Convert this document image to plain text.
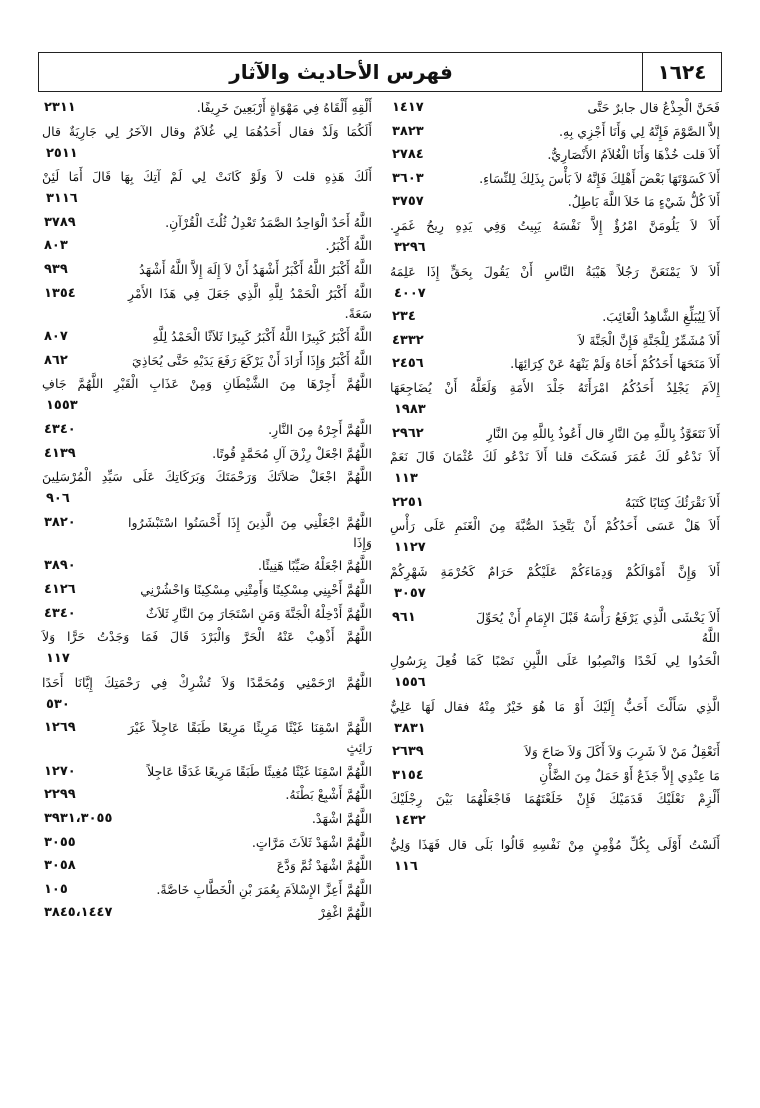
١٦٢٤
فهرس الأحاديث والآثار
فَحَنَّ الْجِذْعُ قال جابرٌ حَتَّى
١٤١٧
إلاَّ الصَّوْمَ فَإِنَّهُ لِي وَأَنَا أَجْزِي بِهِ.
٣٨٢٣
أَلاَ قلت خُذْهَا وَأَنَا الْغُلاَمُ الأَنْصَارِيُّ.
٢٧٨٤
أَلاَ كَسَوْتَهَا بَعْضَ أَهْلِكَ فَإِنَّهُ لاَ بَأْسَ بِذَلِكَ لِلنِّسَاءِ.
٣٦٠٣
أَلاَ كُلُّ شَيْءٍ مَا خَلاَ اللَّهَ بَاطِلُ.
٣٧٥٧
أَلاَ لاَ يَلُومَنَّ امْرُؤٌ إِلاَّ نَفْسَهُ يَبِيتُ وَفِي يَدِهِ رِيحُ غَمَرٍ.
٣٢٩٦
أَلاَ لاَ يَمْنَعَنَّ رَجُلاً هَيْبَةُ النَّاسِ أَنْ يَقُولَ بِحَقٍّ إِذَا عَلِمَهُ
٤٠٠٧
أَلاَ لِيُبَلِّغِ الشَّاهِدُ الْغَائِبَ.
٢٣٤
أَلاَ مُشَمِّرٌ لِلْجَنَّةِ فَإِنَّ الْجَنَّةَ لاَ
٤٣٣٢
أَلاَ مَنَحَهَا أَحَدُكُمْ أَخَاهُ وَلَمْ يَنْهَهُ عَنْ كِرَائِهَا.
٢٤٥٦
إِلاَمَ يَجْلِدُ أَحَدُكُمُ امْرَأَتَهُ جَلْدَ الأَمَةِ وَلَعَلَّهُ أَنْ يُضَاجِعَهَا
١٩٨٣
أَلاَ نَتَعَوَّذُ بِاللَّهِ مِنَ النَّارِ قال أَعُوذُ بِاللَّهِ مِنَ النَّارِ
٢٩٦٢
أَلاَ نَدْعُو لَكَ عُمَرَ فَسَكَتَ قلنا أَلاَ نَدْعُو لَكَ عُثْمَانَ قَالَ نَعَمْ
١١٣
أَلاَ نَقْرَئُكَ كِتَابًا كَتَبَهُ
٢٢٥١
أَلاَ هَلْ عَسَى أَحَدُكُمْ أَنْ يَتَّخِذَ الصُّبَّةَ مِنَ الْغَنَمِ عَلَى رَأْسِ
١١٢٧
أَلاَ وَإِنَّ أَمْوَالَكُمْ وَدِمَاءَكُمْ عَلَيْكُمْ حَرَامٌ كَحُرْمَةِ شَهْرِكُمْ
٣٠٥٧
أَلاَ يَخْشَى الَّذِي يَرْفَعُ رَأْسَهُ قَبْلَ الإِمَامِ أَنْ يُحَوِّلَ اللَّهُ
٩٦١
الْحَدُوا لِي لَحْدًا وَانْصِبُوا عَلَى اللَّبِنِ نَصْبًا كَمَا فُعِلَ بِرَسُولِ
١٥٥٦
الَّذِي سَأَلْتَ أَحَبُّ إِلَيْكَ أَوْ مَا هُوَ خَيْرٌ مِنْهُ فقال لَهَا عَلِيٌّ
٣٨٣١
أَنَعْقِلُ مَنْ لاَ شَرِبَ وَلاَ أَكَلَ وَلاَ صَاحَ وَلاَ
٢٦٣٩
مَا عِنْدِي إِلاَّ جَذَعٌ أَوْ حَمَلٌ مِنَ الضَّأْنِ
٣١٥٤
أَلْزِمْ نَعْلَيْكَ قَدَمَيْكَ فَإِنْ خَلَعْتَهُمَا فَاجْعَلْهُمَا بَيْنَ رِجْلَيْكَ
١٤٣٢
أَلَسْتُ أَوْلَى بِكُلِّ مُؤْمِنٍ مِنْ نَفْسِهِ قَالُوا بَلَى قال فَهَذَا وَلِيُّ
١١٦
أَلْقِهِ أَلْقَاهُ فِي مَهْوَاةٍ أَرْبَعِينَ خَرِيفًا.
٢٣١١
أَلَكُمَا وَلَدٌ فقال أَحَدُهُمَا لِي غُلاَمٌ وقال الآخَرُ لِي جَارِيَةٌ قال
٢٥١١
أَلَكَ هَذِهِ قلت لاَ وَلَوْ كَانَتْ لِي لَمْ آتِكَ بِهَا قَالَ أَمَا لَئِنْ
٣١١٦
اللَّهُ أَحَدٌ الْوَاحِدُ الصَّمَدُ تَعْدِلُ ثُلُثَ الْقُرْآنِ.
٣٧٨٩
اللَّهُ أَكْبَرُ.
٨٠٣
اللَّهُ أَكْبَرُ اللَّهُ أَكْبَرُ أَشْهَدُ أَنْ لاَ إِلَهَ إِلاَّ اللَّهُ أَشْهَدُ
٩٣٩
اللَّهُ أَكْبَرُ الْحَمْدُ لِلَّهِ الَّذِي جَعَلَ فِي هَذَا الأَمْرِ سَعَةً.
١٣٥٤
اللَّهُ أَكْبَرُ كَبِيرًا اللَّهُ أَكْبَرُ كَبِيرًا ثَلاَثًا الْحَمْدُ لِلَّهِ
٨٠٧
اللَّهُ أَكْبَرُ وَإِذَا أَرَادَ أَنْ يَرْكَعَ رَفَعَ يَدَيْهِ حَتَّى يُحَاذِيَ
٨٦٢
اللَّهُمَّ أَجِرْهَا مِنَ الشَّيْطَانِ وَمِنْ عَذَابِ الْقَبْرِ اللَّهُمَّ جَافِ
١٥٥٣
اللَّهُمَّ أَجِرْهُ مِنَ النَّارِ.
٤٣٤٠
اللَّهُمَّ اجْعَلْ رِزْقَ آلِ مُحَمَّدٍ قُوتًا.
٤١٣٩
اللَّهُمَّ اجْعَلْ صَلاَتَكَ وَرَحْمَتَكَ وَبَرَكَاتِكَ عَلَى سَيِّدِ الْمُرْسَلِينَ
٩٠٦
اللَّهُمَّ اجْعَلْنِي مِنَ الَّذِينَ إِذَا أَحْسَنُوا اسْتَبْشَرُوا وَإِذَا
٣٨٢٠
اللَّهُمَّ اجْعَلْهُ صَيِّبًا هَنِيئًا.
٣٨٩٠
اللَّهُمَّ أَحْيِنِي مِسْكِينًا وَأَمِتْنِي مِسْكِينًا وَاحْشُرْنِي
٤١٢٦
اللَّهُمَّ أَدْخِلْهُ الْجَنَّةَ وَمَنِ اسْتَجَارَ مِنَ النَّارِ ثَلاَثٌ
٤٣٤٠
اللَّهُمَّ أَذْهِبْ عَنْهُ الْحَرَّ وَالْبَرْدَ قَالَ فَمَا وَجَدْتُ حَرًّا وَلاَ
١١٧
اللَّهُمَّ ارْحَمْنِي وَمُحَمَّدًا وَلاَ تُشْرِكْ فِي رَحْمَتِكَ إِيَّانَا أَحَدًا
٥٣٠
اللَّهُمَّ اسْقِنَا غَيْثًا مَرِيئًا مَرِيعًا طَبَقًا عَاجِلاً غَيْرَ رَائِثٍ
١٢٦٩
اللَّهُمَّ اسْقِنَا غَيْثًا مُغِيثًا طَبَقًا مَرِيعًا غَدَقًا عَاجِلاً
١٢٧٠
اللَّهُمَّ أَشْبِعْ بَطْنَهُ.
٢٢٩٩
اللَّهُمَّ اشْهَدْ.
٣٩٣١،٣٠٥٥
اللَّهُمَّ اشْهَدْ ثَلاَثَ مَرَّاتٍ.
٣٠٥٥
اللَّهُمَّ اشْهَدْ ثُمَّ وَدَّعَ
٣٠٥٨
اللَّهُمَّ أَعِزَّ الإِسْلاَمَ بِعُمَرَ بْنِ الْخَطَّابِ خَاصَّةً.
١٠٥
اللَّهُمَّ اغْفِرْ
٣٨٤٥،١٤٤٧
